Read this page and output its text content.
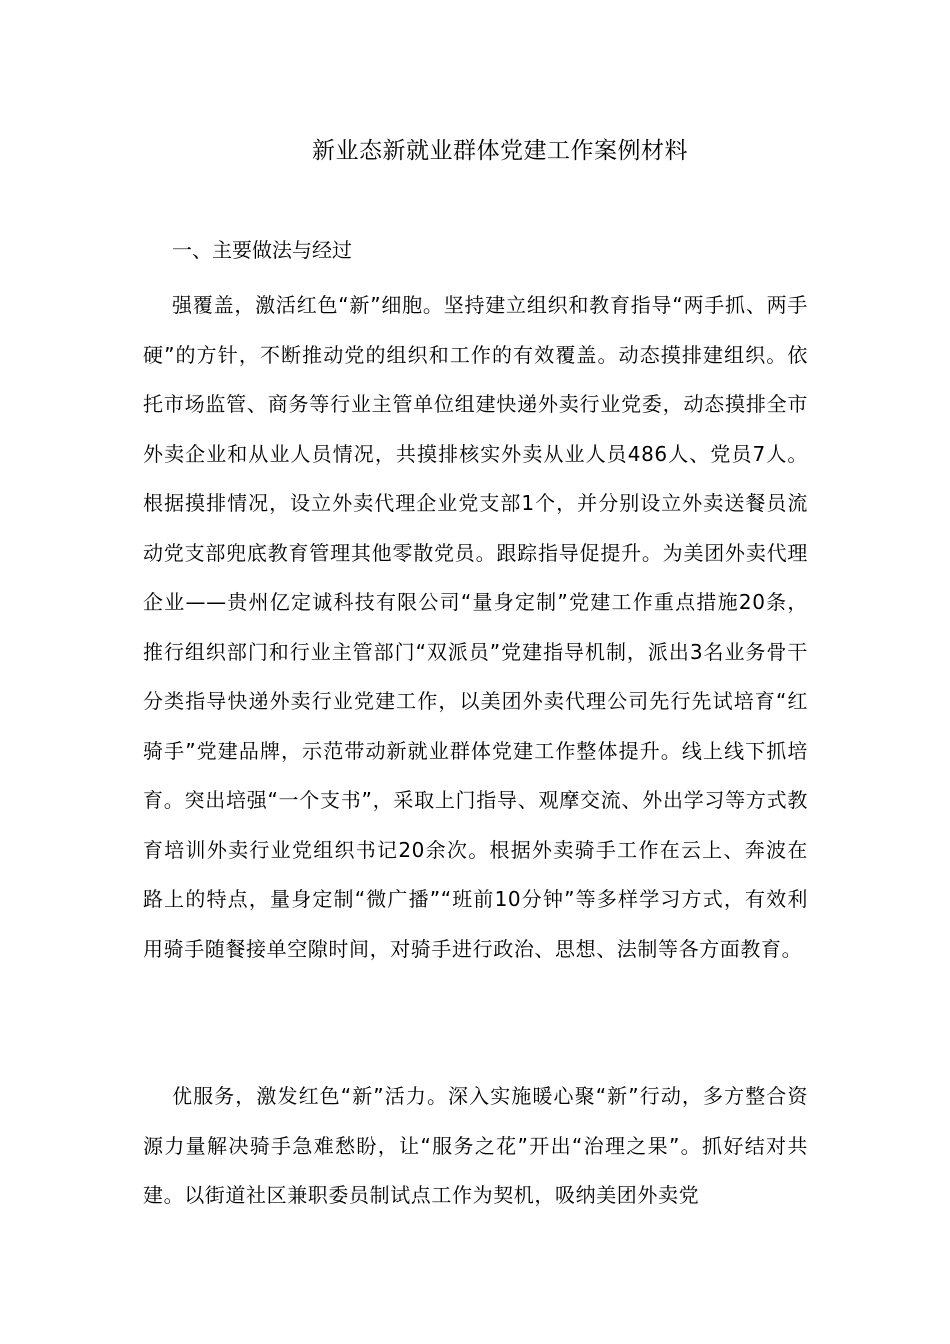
新业态新就业群体党建工作案例材料
一、主要做法与经过

强覆盖，激活红色“新”细胞。坚持建立组织和教育指导“两手抓、两手硬”的方针，不断推动党的组织和工作的有效覆盖。动态摸排建组织。依托市场监管、商务等行业主管单位组建快递外卖行业党委，动态摸排全市外卖企业和从业人员情况，共摸排核实外卖从业人员486人、党员7人。根据摸排情况，设立外卖代理企业党支部1个，并分别设立外卖送餐员流动党支部兜底教育管理其他零散党员。跟踪指导促提升。为美团外卖代理企业——贵州亿定诚科技有限公司“量身定制”党建工作重点措施20条，推行组织部门和行业主管部门“双派员”党建指导机制，派出3名业务骨干分类指导快递外卖行业党建工作，以美团外卖代理公司先行先试培育“红骑手”党建品牌，示范带动新就业群体党建工作整体提升。线上线下抓培育。突出培强“一个支书”，采取上门指导、观摩交流、外出学习等方式教育培训外卖行业党组织书记20余次。根据外卖骑手工作在云上、奔波在路上的特点，量身定制“微广播”“班前10分钟”等多样学习方式，有效利用骑手随餐接单空隙时间，对骑手进行政治、思想、法制等各方面教育。

优服务，激发红色“新”活力。深入实施暖心聚“新”行动，多方整合资源力量解决骑手急难愁盼，让“服务之花”开出“治理之果”。抓好结对共建。以街道社区兼职委员制试点工作为契机，吸纳美团外卖党
